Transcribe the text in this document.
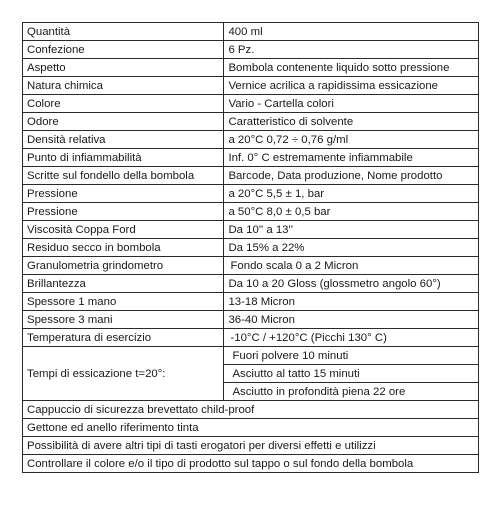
Quantità	400 ml
Confezione	6 Pz.
Aspetto	Bombola contenente liquido sotto pressione
Natura chimica	Vernice acrilica a rapidissima essicazione
Colore	Vario - Cartella colori
Odore	Caratteristico di solvente
Densità relativa	a 20°C 0,72 ÷ 0,76 g/ml
Punto di infiammabilità	Inf. 0° C estremamente infiammabile
Scritte sul fondello della bombola	Barcode, Data produzione, Nome prodotto
Pressione	a 20°C 5,5 ± 1, bar
Pressione	a 50°C 8,0 ± 0,5 bar
Viscosità Coppa Ford	Da 10'' a 13''
Residuo secco in bombola	Da 15% a 22%
Granulometria grindometro	Fondo scala 0 a 2 Micron
Brillantezza	Da 10 a 20 Gloss (glossmetro angolo 60°)
Spessore 1 mano	13-18 Micron
Spessore 3 mani	36-40 Micron
Temperatura di esercizio	-10°C / +120°C (Picchi 130° C)
Tempi di essicazione t=20°:	Fuori polvere 10 minuti
	Asciutto al tatto 15 minuti
	Asciutto in profondità piena 22 ore
Cappuccio di sicurezza brevettato child-proof	
Gettone ed anello riferimento tinta	
Possibilità di avere altri tipi di tasti erogatori per diversi effetti e utilizzi	
Controllare il colore e/o il tipo di prodotto sul tappo o sul fondo della bombola	
